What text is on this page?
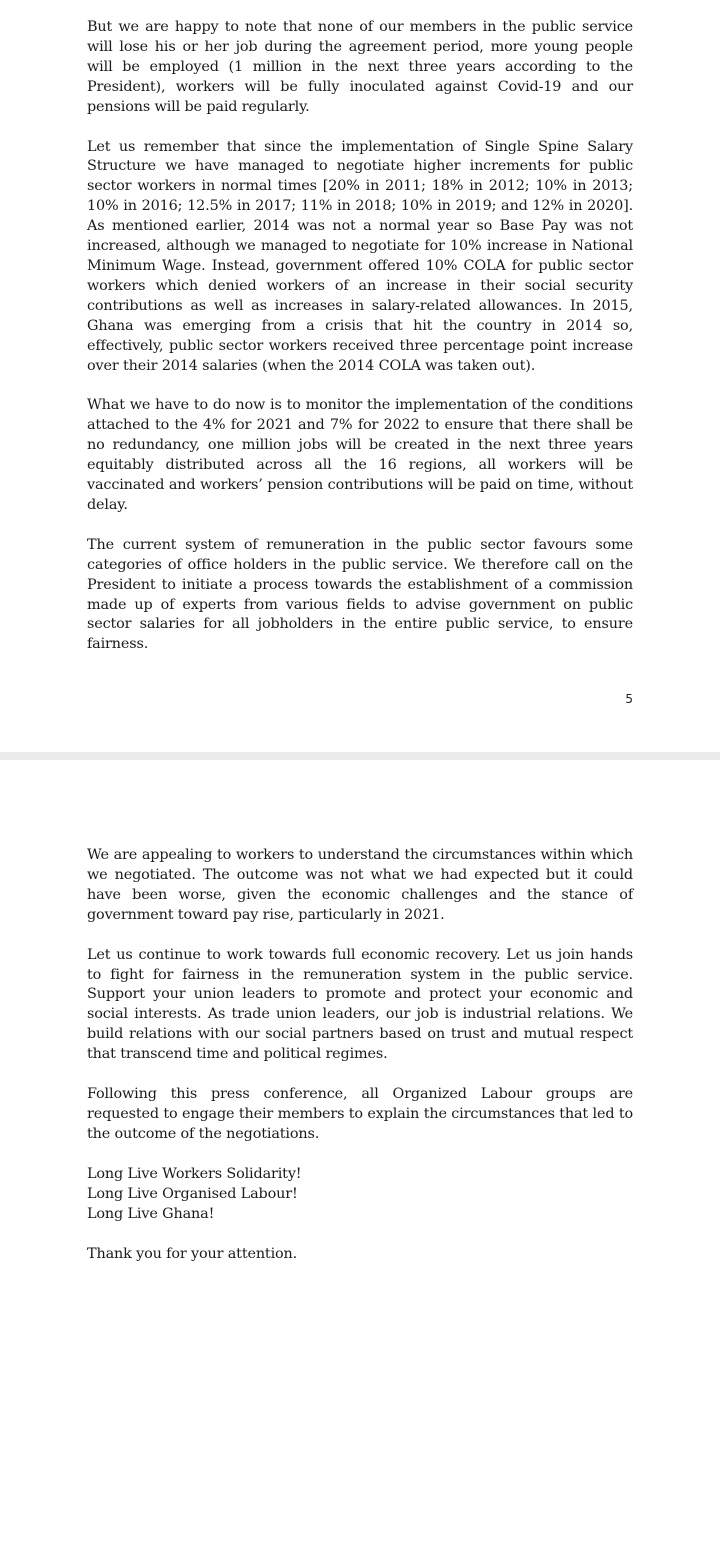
But we are happy to note that none of our members in the public service will lose his or her job during the agreement period, more young people will be employed (1 million in the next three years according to the President), workers will be fully inoculated against Covid-19 and our pensions will be paid regularly.

Let us remember that since the implementation of Single Spine Salary Structure we have managed to negotiate higher increments for public sector workers in normal times [20% in 2011; 18% in 2012; 10% in 2013; 10% in 2016; 12.5% in 2017; 11% in 2018; 10% in 2019; and 12% in 2020]. As mentioned earlier, 2014 was not a normal year so Base Pay was not increased, although we managed to negotiate for 10% increase in National Minimum Wage. Instead, government offered 10% COLA for public sector workers which denied workers of an increase in their social security contributions as well as increases in salary-related allowances. In 2015, Ghana was emerging from a crisis that hit the country in 2014 so, effectively, public sector workers received three percentage point increase over their 2014 salaries (when the 2014 COLA was taken out).

What we have to do now is to monitor the implementation of the conditions attached to the 4% for 2021 and 7% for 2022 to ensure that there shall be no redundancy, one million jobs will be created in the next three years equitably distributed across all the 16 regions, all workers will be vaccinated and workers’ pension contributions will be paid on time, without delay.

The current system of remuneration in the public sector favours some categories of office holders in the public service. We therefore call on the President to initiate a process towards the establishment of a commission made up of experts from various fields to advise government on public sector salaries for all jobholders in the entire public service, to ensure fairness.

5

We are appealing to workers to understand the circumstances within which we negotiated. The outcome was not what we had expected but it could have been worse, given the economic challenges and the stance of government toward pay rise, particularly in 2021.

Let us continue to work towards full economic recovery. Let us join hands to fight for fairness in the remuneration system in the public service. Support your union leaders to promote and protect your economic and social interests. As trade union leaders, our job is industrial relations. We build relations with our social partners based on trust and mutual respect that transcend time and political regimes.

Following this press conference, all Organized Labour groups are requested to engage their members to explain the circumstances that led to the outcome of the negotiations.

Long Live Workers Solidarity!
Long Live Organised Labour!
Long Live Ghana!

Thank you for your attention.
